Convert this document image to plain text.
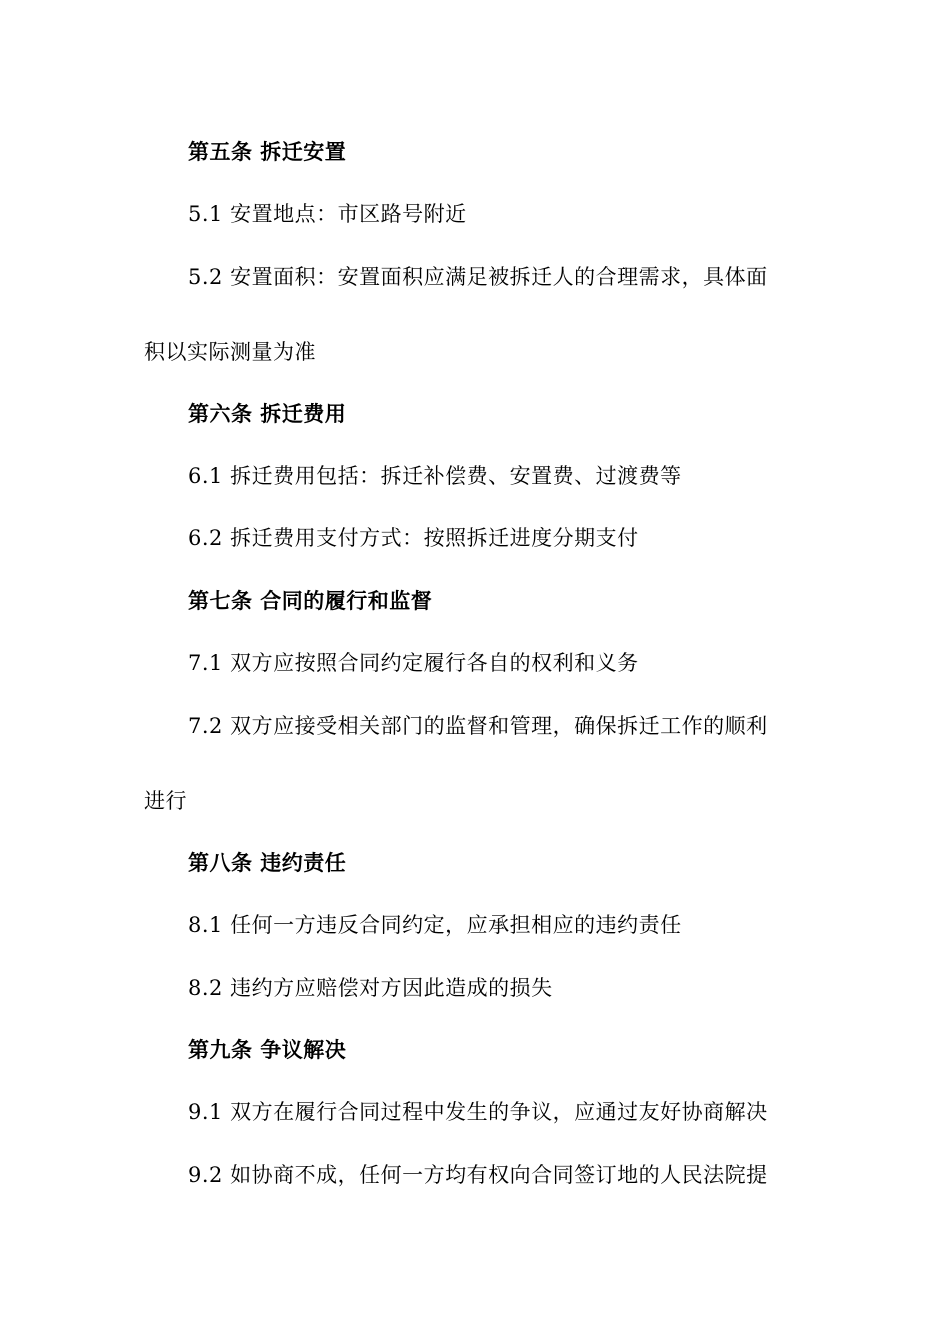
第五条 拆迁安置
5.1 安置地点：市区路号附近
5.2 安置面积：安置面积应满足被拆迁人的合理需求，具体面
积以实际测量为准
第六条 拆迁费用
6.1 拆迁费用包括：拆迁补偿费、安置费、过渡费等
6.2 拆迁费用支付方式：按照拆迁进度分期支付
第七条 合同的履行和监督
7.1 双方应按照合同约定履行各自的权利和义务
7.2 双方应接受相关部门的监督和管理，确保拆迁工作的顺利
进行
第八条 违约责任
8.1 任何一方违反合同约定，应承担相应的违约责任
8.2 违约方应赔偿对方因此造成的损失
第九条 争议解决
9.1 双方在履行合同过程中发生的争议，应通过友好协商解决
9.2 如协商不成，任何一方均有权向合同签订地的人民法院提
